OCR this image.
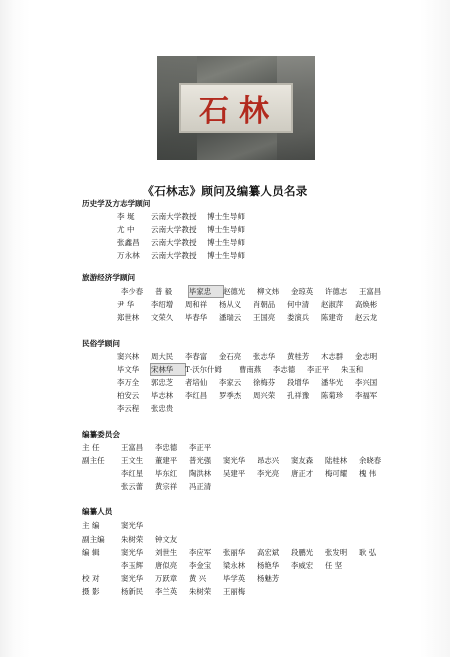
石林
《石林志》顾问及编纂人员名录
历史学及方志学顾问
李 埏 云南大学教授 博士生导师
尤 中 云南大学教授 博士生导师
张鑫昌 云南大学教授 博士生导师
万永林 云南大学教授 博士生导师
旅游经济学顾问
李少春 普 毅 毕家忠 赵德光 柳文炜 金琼英 许德志 王富昌
尹 华 李绍增 周和祥 杨从义 肖朝品 何中清 赵淑萍 高焕彬
郑世林 文荣久 毕春华 潘瑞云 王国亮 娄演兵 陈建奇 赵云龙
民俗学顾问
窦兴林 周大民 李春富 金石亮 张志华 黄桂芳 木志群 金志明
毕文华 宋林华 T·沃尔什姆 曹南燕 李志德 李正平 朱玉和
李万全 郭忠芝 者培仙 李家云 徐梅芬 段增华 潘华光 李兴国
柏安云 毕志林 李红昌 罗季杰 周兴荣 孔祥豫 陈菊珍 李福军
李云程 张忠贵
编纂委员会
主 任	王富昌 李忠德 李正平
副主任 王文生 董建平 普光强 窦光华 昂志兴 窦友森 陆桂林 余晓春
李红星 毕东红 陶洪林 吴建平 李光亮 唐正才 梅可耀 槐 伟
张云蕾 黄宗祥 冯正清
编纂人员
主 编	窦光华
副主编 朱树荣 钟文友
编 辑	窦光华 刘世生 李应军 张丽华 高宏斌 段鹏光 张发明 耿 弘
李玉辉 唐似亮 李金宝 梁永林 杨艳华 李威宏 任 坚
校 对	窦光华 万跃章 黄 兴 毕学英 杨魅芳
摄 影	杨新民 李兰英 朱树荣 王丽梅
